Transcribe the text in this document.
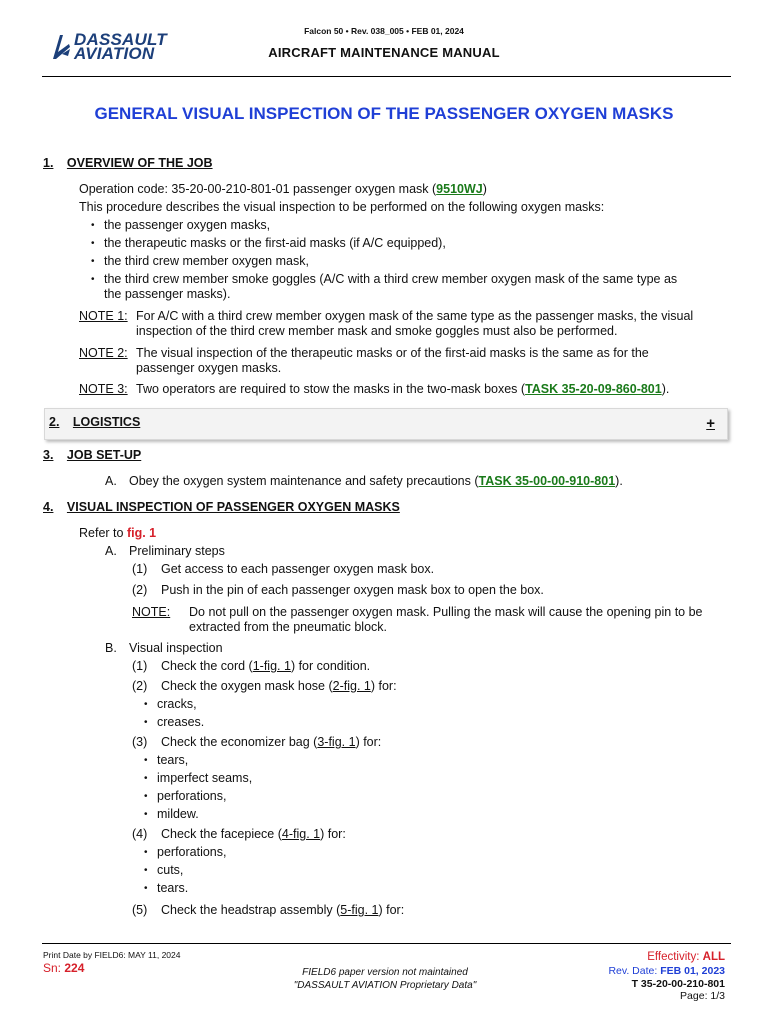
DASSAULT
AVIATION
Falcon 50 • Rev. 038_005 • FEB 01, 2024
AIRCRAFT MAINTENANCE MANUAL
GENERAL VISUAL INSPECTION OF THE PASSENGER OXYGEN MASKS
1. OVERVIEW OF THE JOB
Operation code: 35-20-00-210-801-01 passenger oxygen mask (9510WJ)
This procedure describes the visual inspection to be performed on the following oxygen masks:
• the passenger oxygen masks,
• the therapeutic masks or the first-aid masks (if A/C equipped),
• the third crew member oxygen mask,
• the third crew member smoke goggles (A/C with a third crew member oxygen mask of the same type as
the passenger masks).
NOTE 1: For A/C with a third crew member oxygen mask of the same type as the passenger masks, the visual
inspection of the third crew member mask and smoke goggles must also be performed.
NOTE 2: The visual inspection of the therapeutic masks or of the first-aid masks is the same as for the
passenger oxygen masks.
NOTE 3: Two operators are required to stow the masks in the two-mask boxes (TASK 35-20-09-860-801).
2. LOGISTICS	+
3. JOB SET-UP
A. Obey the oxygen system maintenance and safety precautions (TASK 35-00-00-910-801).
4. VISUAL INSPECTION OF PASSENGER OXYGEN MASKS
Refer to fig. 1
A. Preliminary steps
(1) Get access to each passenger oxygen mask box.
(2) Push in the pin of each passenger oxygen mask box to open the box.
NOTE: Do not pull on the passenger oxygen mask. Pulling the mask will cause the opening pin to be
extracted from the pneumatic block.
B. Visual inspection
(1) Check the cord (1-fig. 1) for condition.
(2) Check the oxygen mask hose (2-fig. 1) for:
• cracks,
• creases.
(3) Check the economizer bag (3-fig. 1) for:
• tears,
• imperfect seams,
• perforations,
• mildew.
(4) Check the facepiece (4-fig. 1) for:
• perforations,
• cuts,
• tears.
(5) Check the headstrap assembly (5-fig. 1) for:
Print Date by FIELD6: MAY 11, 2024
Sn: 224	FIELD6 paper version not maintained
"DASSAULT AVIATION Proprietary Data"
Effectivity: ALL
Rev. Date: FEB 01, 2023
T 35-20-00-210-801
Page: 1/3
